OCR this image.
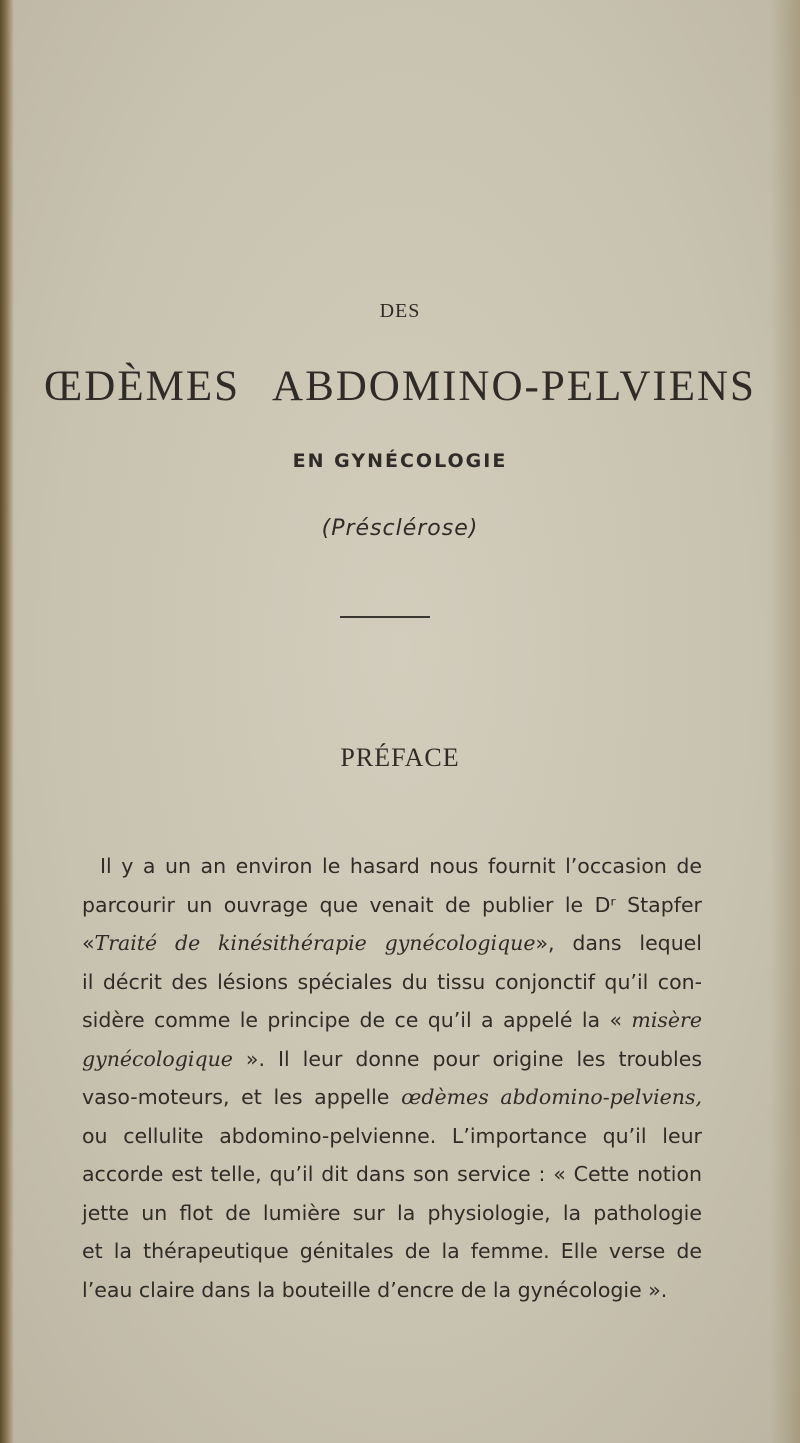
DES
ŒDÈMES ABDOMINO-PELVIENS
EN GYNÉCOLOGIE
(Présclérose)
PRÉFACE
Il y a un an environ le hasard nous fournit l’occasion de
parcourir un ouvrage que venait de publier le Dʳ Stapfer
«Traité de kinésithérapie gynécologique», dans lequel
il décrit des lésions spéciales du tissu conjonctif qu’il con-
sidère comme le principe de ce qu’il a appelé la « misère
gynécologique ». Il leur donne pour origine les troubles
vaso-moteurs, et les appelle œdèmes abdomino-pelviens,
ou cellulite abdomino-pelvienne. L’importance qu’il leur
accorde est telle, qu’il dit dans son service : « Cette notion
jette un flot de lumière sur la physiologie, la pathologie
et la thérapeutique génitales de la femme. Elle verse de
l’eau claire dans la bouteille d’encre de la gynécologie ».
